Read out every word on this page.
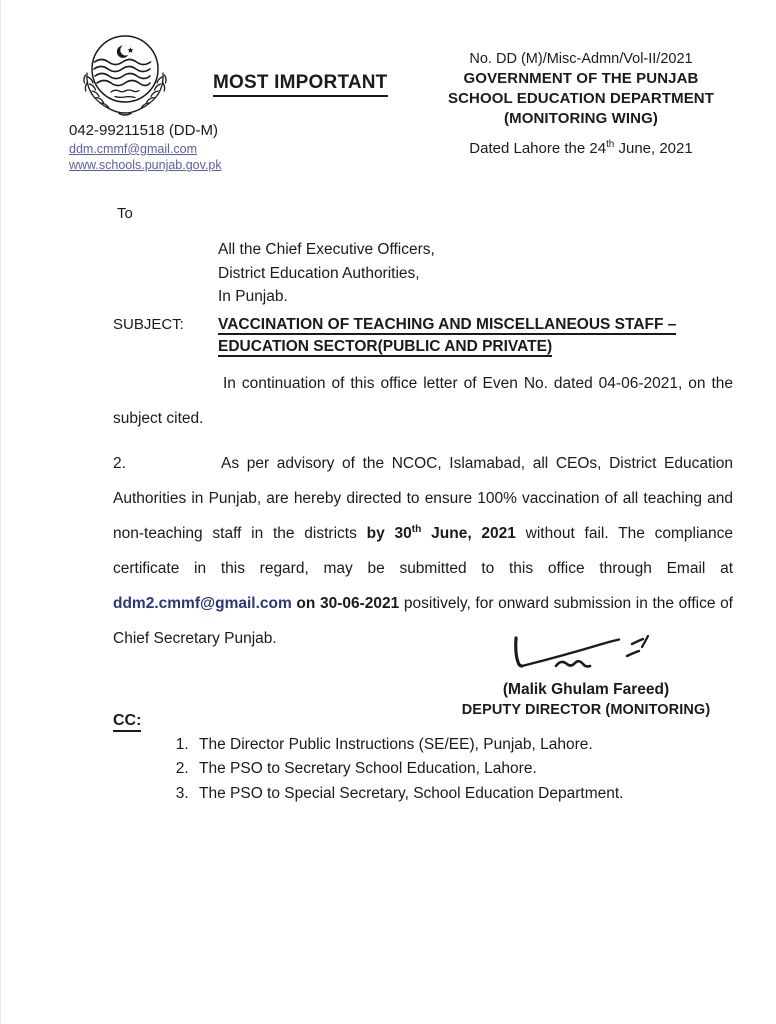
MOST IMPORTANT
042-99211518 (DD-M)
ddm.cmmf@gmail.com
www.schools.punjab.gov.pk
No. DD (M)/Misc-Admn/Vol-II/2021
GOVERNMENT OF THE PUNJAB
SCHOOL EDUCATION DEPARTMENT
(MONITORING WING)
Dated Lahore the 24th June, 2021
To
All the Chief Executive Officers,
District Education Authorities,
In Punjab.
SUBJECT: VACCINATION OF TEACHING AND MISCELLANEOUS STAFF –
EDUCATION SECTOR(PUBLIC AND PRIVATE)
In continuation of this office letter of Even No. dated 04-06-2021, on the subject cited.
2.	As per advisory of the NCOC, Islamabad, all CEOs, District Education Authorities in Punjab, are hereby directed to ensure 100% vaccination of all teaching and non-teaching staff in the districts by 30th June, 2021 without fail. The compliance certificate in this regard, may be submitted to this office through Email at ddm2.cmmf@gmail.com on 30-06-2021 positively, for onward submission in the office of Chief Secretary Punjab.
(Malik Ghulam Fareed)
DEPUTY DIRECTOR (MONITORING)
CC:
1. The Director Public Instructions (SE/EE), Punjab, Lahore.
2. The PSO to Secretary School Education, Lahore.
3. The PSO to Special Secretary, School Education Department.
